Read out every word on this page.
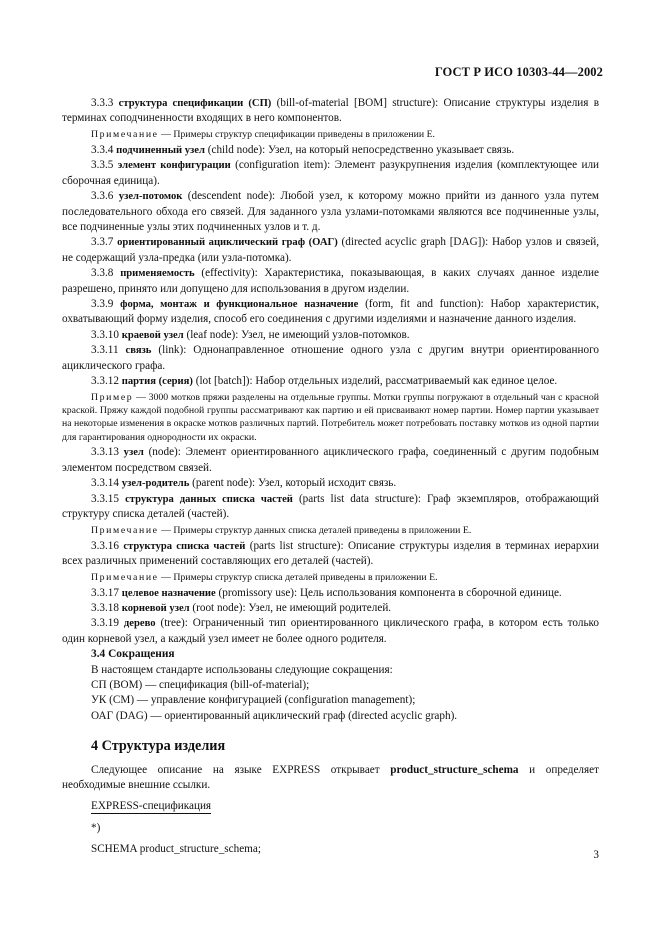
ГОСТ Р ИСО 10303-44—2002

3.3.3 структура спецификации (СП) (bill-of-material [BOM] structure): Описание структуры изделия в терминах соподчиненности входящих в него компонентов.

Примечание — Примеры структур спецификации приведены в приложении E.

3.3.4 подчиненный узел (child node): Узел, на который непосредственно указывает связь.

3.3.5 элемент конфигурации (configuration item): Элемент разукрупнения изделия (комплектующее или сборочная единица).

3.3.6 узел-потомок (descendent node): Любой узел, к которому можно прийти из данного узла путем последовательного обхода его связей. Для заданного узла узлами-потомками являются все подчиненные узлы, все подчиненные узлы этих подчиненных узлов и т. д.

3.3.7 ориентированный ациклический граф (ОАГ) (directed acyclic graph [DAG]): Набор узлов и связей, не содержащий узла-предка (или узла-потомка).

3.3.8 применяемость (effectivity): Характеристика, показывающая, в каких случаях данное изделие разрешено, принято или допущено для использования в другом изделии.

3.3.9 форма, монтаж и функциональное назначение (form, fit and function): Набор характеристик, охватывающий форму изделия, способ его соединения с другими изделиями и назначение данного изделия.

3.3.10 краевой узел (leaf node): Узел, не имеющий узлов-потомков.

3.3.11 связь (link): Однонаправленное отношение одного узла с другим внутри ориентированного ациклического графа.

3.3.12 партия (серия) (lot [batch]): Набор отдельных изделий, рассматриваемый как единое целое.

Пример — 3000 мотков пряжи разделены на отдельные группы. Мотки группы погружают в отдельный чан с красной краской. Пряжу каждой подобной группы рассматривают как партию и ей присваивают номер партии. Номер партии указывает на некоторые изменения в окраске мотков различных партий. Потребитель может потребовать поставку мотков из одной партии для гарантирования однородности их окраски.

3.3.13 узел (node): Элемент ориентированного ациклического графа, соединенный с другим подобным элементом посредством связей.

3.3.14 узел-родитель (parent node): Узел, который исходит связь.

3.3.15 структура данных списка частей (parts list data structure): Граф экземпляров, отображающий структуру списка деталей (частей).

Примечание — Примеры структур данных списка деталей приведены в приложении E.

3.3.16 структура списка частей (parts list structure): Описание структуры изделия в терминах иерархии всех различных применений составляющих его деталей (частей).

Примечание — Примеры структур списка деталей приведены в приложении E.

3.3.17 целевое назначение (promissory use): Цель использования компонента в сборочной единице.

3.3.18 корневой узел (root node): Узел, не имеющий родителей.

3.3.19 дерево (tree): Ограниченный тип ориентированного циклического графа, в котором есть только один корневой узел, а каждый узел имеет не более одного родителя.

3.4 Сокращения

В настоящем стандарте использованы следующие сокращения:

СП (BOM) — спецификация (bill-of-material);

УК (CM) — управление конфигурацией (configuration management);

ОАГ (DAG) — ориентированный ациклический граф (directed acyclic graph).

4 Структура изделия

Следующее описание на языке EXPRESS открывает product_structure_schema и определяет необходимые внешние ссылки.

EXPRESS-спецификация
*)
SCHEMA product_structure_schema;	3
